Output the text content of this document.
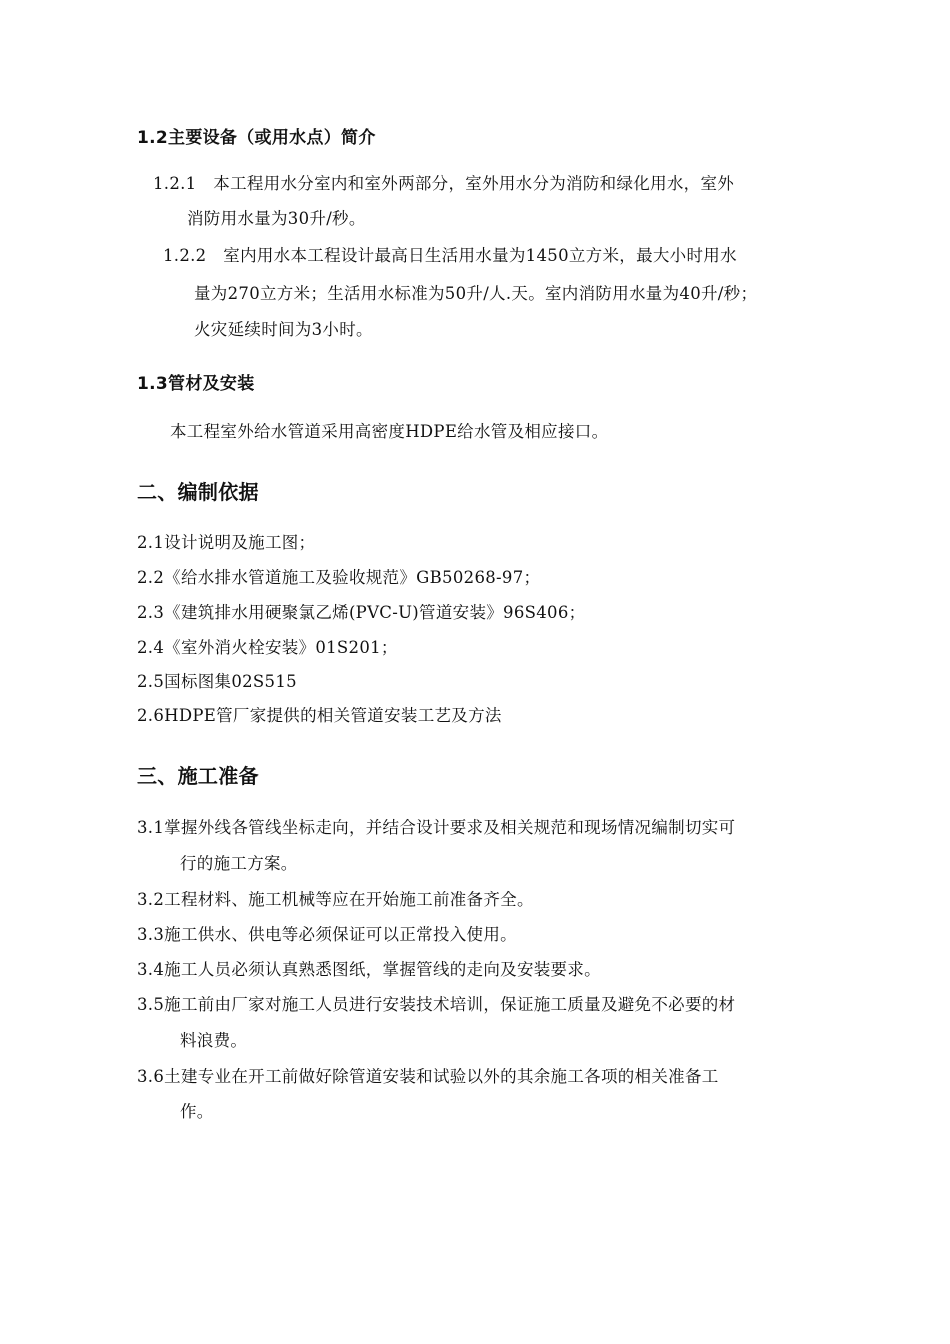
1.2主要设备（或用水点）简介

1.2.1　本工程用水分室内和室外两部分，室外用水分为消防和绿化用水，室外

消防用水量为30升/秒。

1.2.2　室内用水本工程设计最高日生活用水量为1450立方米，最大小时用水

量为270立方米；生活用水标准为50升/人.天。室内消防用水量为40升/秒；

火灾延续时间为3小时。

1.3管材及安装

本工程室外给水管道采用高密度HDPE给水管及相应接口。

二、编制依据

2.1设计说明及施工图；

2.2《给水排水管道施工及验收规范》GB50268-97；

2.3《建筑排水用硬聚氯乙烯(PVC-U)管道安装》96S406；

2.4《室外消火栓安装》01S201；

2.5国标图集02S515

2.6HDPE管厂家提供的相关管道安装工艺及方法

三、施工准备

3.1掌握外线各管线坐标走向，并结合设计要求及相关规范和现场情况编制切实可

行的施工方案。

3.2工程材料、施工机械等应在开始施工前准备齐全。

3.3施工供水、供电等必须保证可以正常投入使用。

3.4施工人员必须认真熟悉图纸，掌握管线的走向及安装要求。

3.5施工前由厂家对施工人员进行安装技术培训，保证施工质量及避免不必要的材

料浪费。

3.6土建专业在开工前做好除管道安装和试验以外的其余施工各项的相关准备工

作。
